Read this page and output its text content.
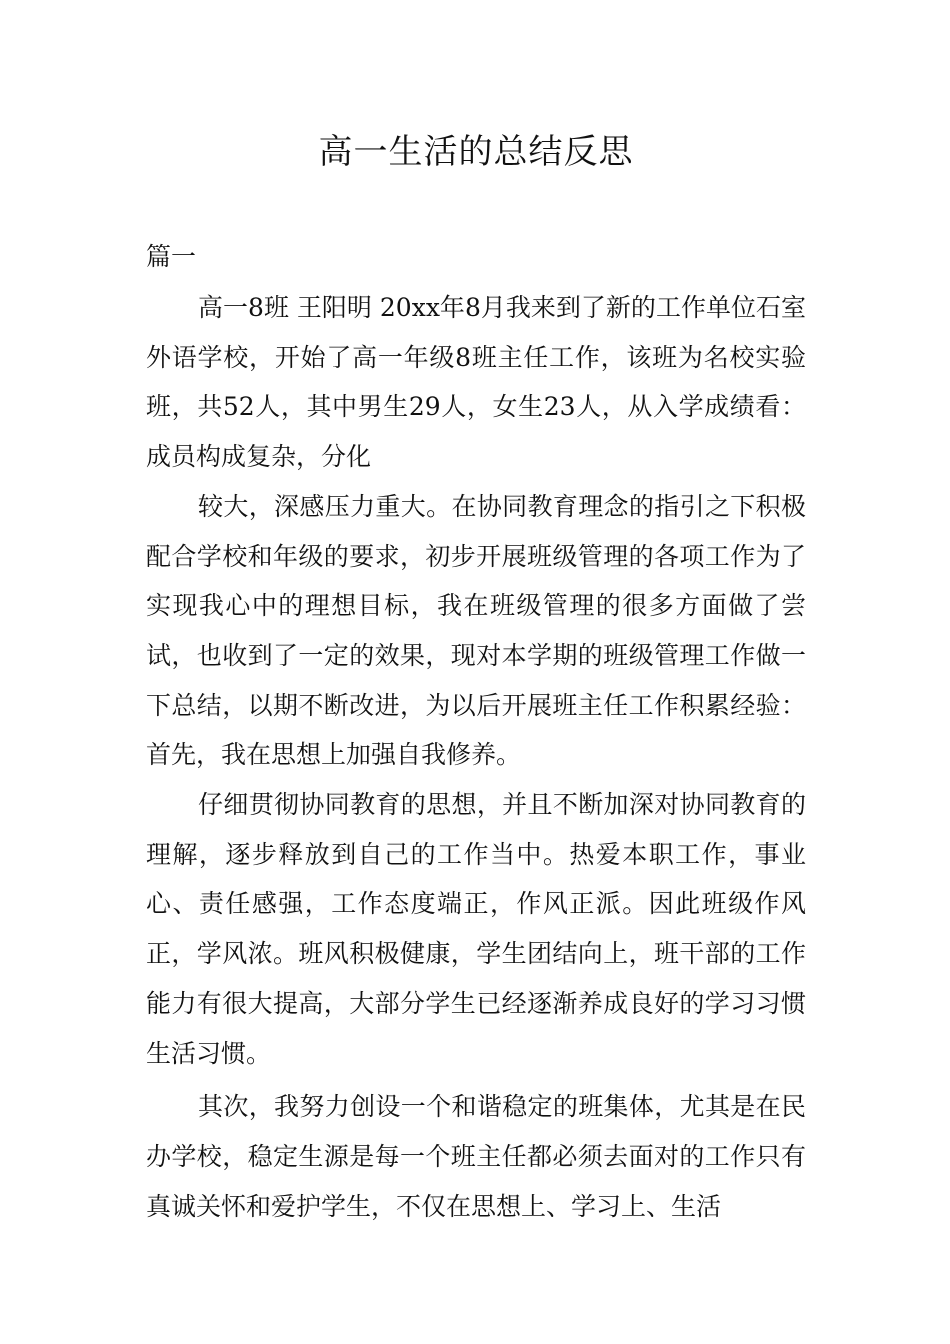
高一生活的总结反思
篇一

高一8班 王阳明 20xx年8月我来到了新的工作单位石室外语学校，开始了高一年级8班主任工作，该班为名校实验班，共52人，其中男生29人，女生23人，从入学成绩看：成员构成复杂，分化

较大，深感压力重大。在协同教育理念的指引之下积极配合学校和年级的要求，初步开展班级管理的各项工作为了实现我心中的理想目标，我在班级管理的很多方面做了尝试，也收到了一定的效果，现对本学期的班级管理工作做一下总结，以期不断改进，为以后开展班主任工作积累经验： 首先，我在思想上加强自我修养。

仔细贯彻协同教育的思想，并且不断加深对协同教育的理解，逐步释放到自己的工作当中。热爱本职工作，事业心、责任感强，工作态度端正，作风正派。因此班级作风正，学风浓。班风积极健康，学生团结向上，班干部的工作能力有很大提高，大部分学生已经逐渐养成良好的学习习惯生活习惯。

其次，我努力创设一个和谐稳定的班集体，尤其是在民办学校，稳定生源是每一个班主任都必须去面对的工作只有真诚关怀和爱护学生，不仅在思想上、学习上、生活
